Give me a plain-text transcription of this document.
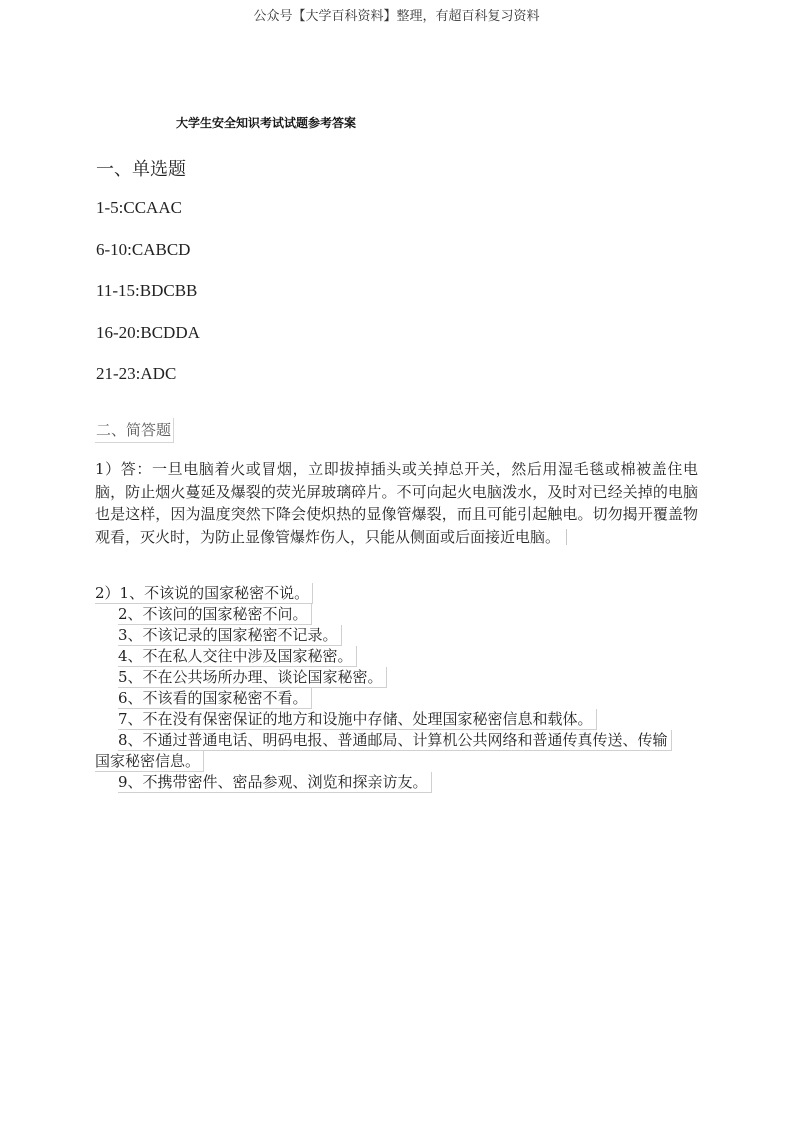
公众号【大学百科资料】整理，有超百科复习资料
大学生安全知识考试试题参考答案
一、单选题
1-5:CCAAC
6-10:CABCD
11-15:BDCBB
16-20:BCDDA
21-23:ADC
二、简答题
1）答：一旦电脑着火或冒烟，立即拔掉插头或关掉总开关，然后用湿毛毯或棉被盖住电脑，防止烟火蔓延及爆裂的荧光屏玻璃碎片。不可向起火电脑泼水，及时对已经关掉的电脑也是这样，因为温度突然下降会使炽热的显像管爆裂，而且可能引起触电。切勿揭开覆盖物观看，灭火时，为防止显像管爆炸伤人，只能从侧面或后面接近电脑。
2）1、不该说的国家秘密不说。
2、不该问的国家秘密不问。
3、不该记录的国家秘密不记录。
4、不在私人交往中涉及国家秘密。
5、不在公共场所办理、谈论国家秘密。
6、不该看的国家秘密不看。
7、不在没有保密保证的地方和设施中存储、处理国家秘密信息和载体。
8、不通过普通电话、明码电报、普通邮局、计算机公共网络和普通传真传送、传输
国家秘密信息。
9、不携带密件、密品参观、浏览和探亲访友。
